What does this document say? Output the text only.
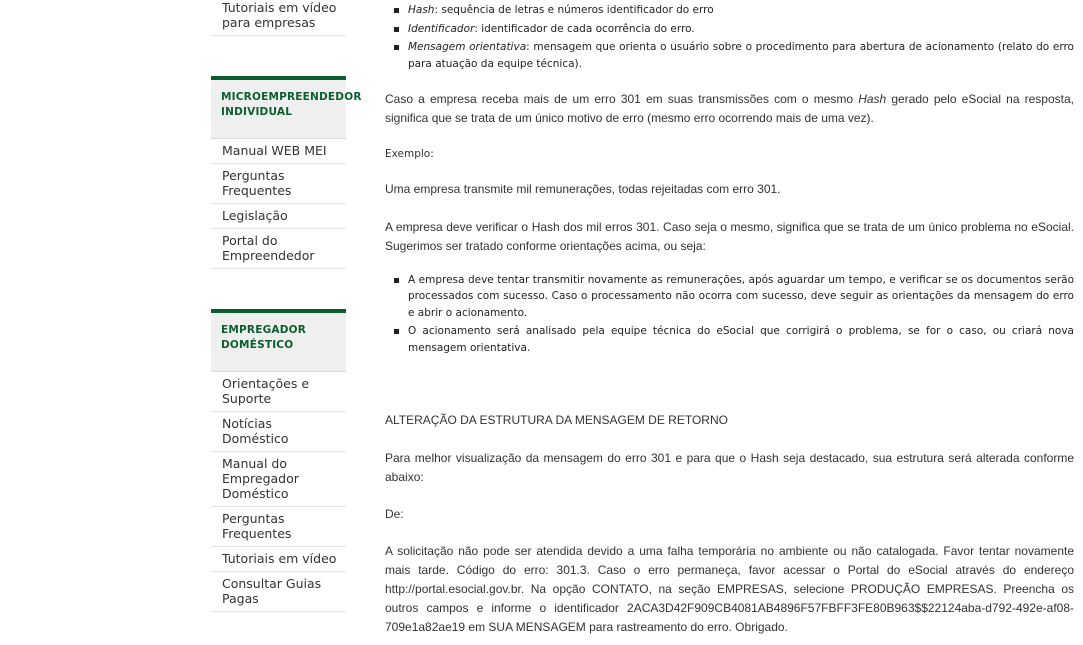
Tutoriais em vídeo para empresas
MICROEMPREENDEDOR INDIVIDUAL
Manual WEB MEI
Perguntas Frequentes
Legislação
Portal do Empreendedor
EMPREGADOR DOMÉSTICO
Orientações e Suporte
Notícias Doméstico
Manual do Empregador Doméstico
Perguntas Frequentes
Tutoriais em vídeo
Consultar Guias Pagas
Hash: sequência de letras e números identificador do erro
Identificador: identificador de cada ocorrência do erro.
Mensagem orientativa: mensagem que orienta o usuário sobre o procedimento para abertura de acionamento (relato do erro para atuação da equipe técnica).

Caso a empresa receba mais de um erro 301 em suas transmissões com o mesmo Hash gerado pelo eSocial na resposta, significa que se trata de um único motivo de erro (mesmo erro ocorrendo mais de uma vez).

Exemplo:

Uma empresa transmite mil remunerações, todas rejeitadas com erro 301.

A empresa deve verificar o Hash dos mil erros 301. Caso seja o mesmo, significa que se trata de um único problema no eSocial. Sugerimos ser tratado conforme orientações acima, ou seja:

A empresa deve tentar transmitir novamente as remunerações, após aguardar um tempo, e verificar se os documentos serão processados com sucesso. Caso o processamento não ocorra com sucesso, deve seguir as orientações da mensagem do erro e abrir o acionamento.
O acionamento será analisado pela equipe técnica do eSocial que corrigirá o problema, se for o caso, ou criará nova mensagem orientativa.

ALTERAÇÃO DA ESTRUTURA DA MENSAGEM DE RETORNO

Para melhor visualização da mensagem do erro 301 e para que o Hash seja destacado, sua estrutura será alterada conforme abaixo:

De:

A solicitação não pode ser atendida devido a uma falha temporária no ambiente ou não catalogada. Favor tentar novamente mais tarde. Código do erro: 301.3. Caso o erro permaneça, favor acessar o Portal do eSocial através do endereço http://portal.esocial.gov.br. Na opção CONTATO, na seção EMPRESAS, selecione PRODUÇÃO EMPRESAS. Preencha os outros campos e informe o identificador 2ACA3D42F909CB4081AB4896F57FBFF3FE80B963$$22124aba-d792-492e-af08-709e1a82ae19 em SUA MENSAGEM para rastreamento do erro. Obrigado.
